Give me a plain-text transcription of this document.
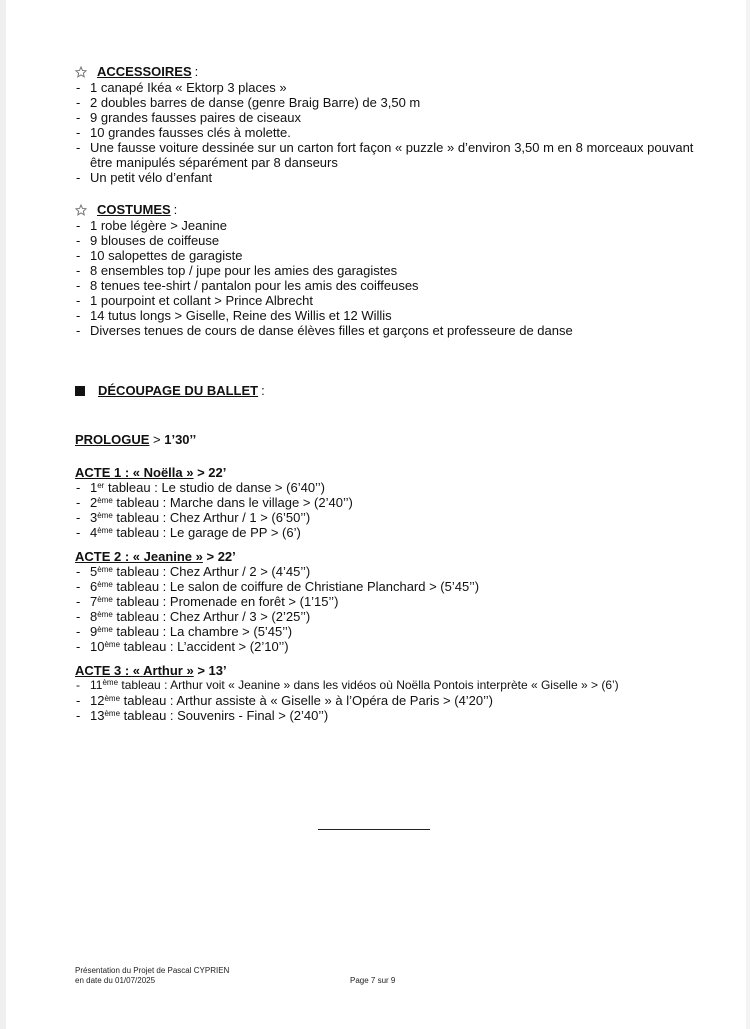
ACCESSOIRES :
- 1 canapé Ikéa « Ektorp 3 places »
- 2 doubles barres de danse (genre Braig Barre) de 3,50 m
- 9 grandes fausses paires de ciseaux
- 10 grandes fausses clés à molette.
- Une fausse voiture dessinée sur un carton fort façon « puzzle » d’environ 3,50 m en 8 morceaux pouvant être manipulés séparément par 8 danseurs
- Un petit vélo d’enfant
COSTUMES :
- 1 robe légère > Jeanine
- 9 blouses de coiffeuse
- 10 salopettes de garagiste
- 8 ensembles top / jupe pour les amies des garagistes
- 8 tenues tee-shirt / pantalon pour les amis des coiffeuses
- 1 pourpoint et collant > Prince Albrecht
- 14 tutus longs > Giselle, Reine des Willis et 12 Willis
- Diverses tenues de cours de danse élèves filles et garçons et professeure de danse
DÉCOUPAGE DU BALLET :
PROLOGUE > 1’30’’
ACTE 1 : « Noëlla » > 22’
- 1er tableau : Le studio de danse > (6’40’’)
- 2ème tableau : Marche dans le village > (2’40’’)
- 3ème tableau : Chez Arthur / 1 > (6’50’’)
- 4ème tableau : Le garage de PP > (6’)
ACTE 2 : « Jeanine » > 22’
- 5ème tableau : Chez Arthur / 2 > (4’45’’)
- 6ème tableau : Le salon de coiffure de Christiane Planchard > (5’45’’)
- 7ème tableau : Promenade en forêt > (1’15’’)
- 8ème tableau : Chez Arthur / 3 > (2’25’’)
- 9ème tableau : La chambre > (5’45’’)
- 10ème tableau : L’accident > (2’10’’)
ACTE 3 : « Arthur » > 13’
- 11ème tableau : Arthur voit « Jeanine » dans les vidéos où Noëlla Pontois interprète « Giselle » > (6’)
- 12ème tableau : Arthur assiste à « Giselle » à l’Opéra de Paris > (4’20’’)
- 13ème tableau : Souvenirs - Final > (2’40’’)
Présentation du Projet de Pascal CYPRIEN
en date du 01/07/2025	Page 7 sur 9
